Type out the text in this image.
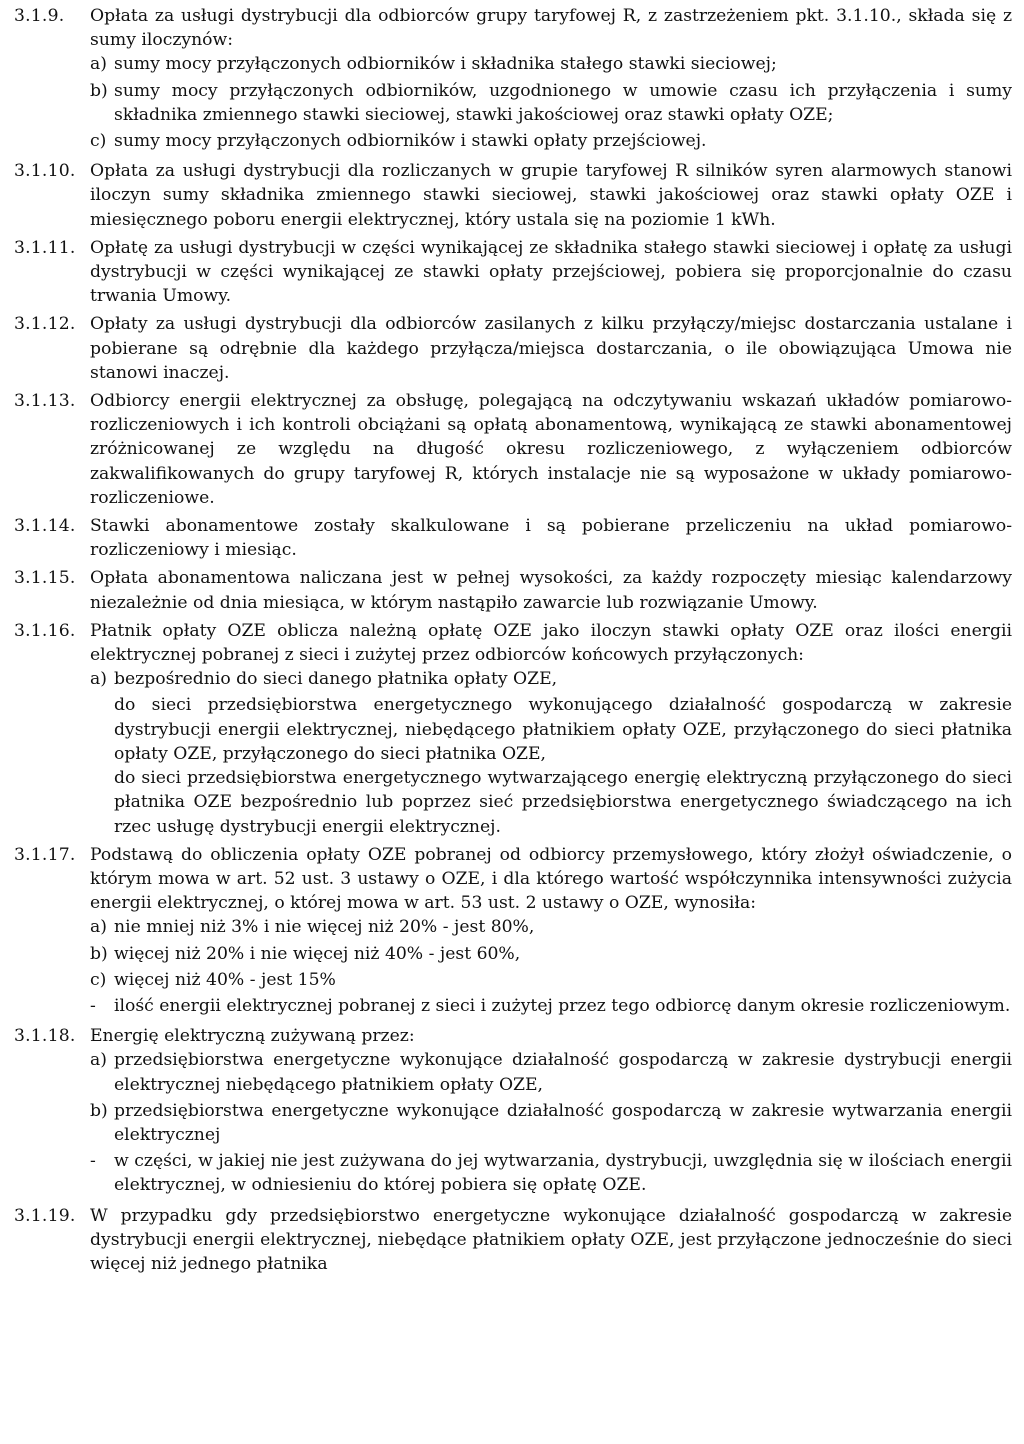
3.1.9.	Opłata za usługi dystrybucji dla odbiorców grupy taryfowej R, z zastrzeżeniem pkt. 3.1.10., składa się z sumy iloczynów:

a) sumy mocy przyłączonych odbiorników i składnika stałego stawki sieciowej;
b) sumy mocy przyłączonych odbiorników, uzgodnionego w umowie czasu ich przyłączenia i sumy składnika zmiennego stawki sieciowej, stawki jakościowej oraz stawki opłaty OZE;
c) sumy mocy przyłączonych odbiorników i stawki opłaty przejściowej.
3.1.10. Opłata za usługi dystrybucji dla rozliczanych w grupie taryfowej R silników syren alarmowych stanowi iloczyn sumy składnika zmiennego stawki sieciowej, stawki jakościowej oraz stawki opłaty OZE i miesięcznego poboru energii elektrycznej, który ustala się na poziomie 1 kWh.

3.1.11. Opłatę za usługi dystrybucji w części wynikającej ze składnika stałego stawki sieciowej i opłatę za usługi dystrybucji w części wynikającej ze stawki opłaty przejściowej, pobiera się proporcjonalnie do czasu trwania Umowy.

3.1.12. Opłaty za usługi dystrybucji dla odbiorców zasilanych z kilku przyłączy/miejsc dostarczania ustalane i pobierane są odrębnie dla każdego przyłącza/miejsca dostarczania, o ile obowiązująca Umowa nie stanowi inaczej.

3.1.13. Odbiorcy energii elektrycznej za obsługę, polegającą na odczytywaniu wskazań układów pomiarowo-rozliczeniowych i ich kontroli obciążani są opłatą abonamentową, wynikającą ze stawki abonamentowej zróżnicowanej ze względu na długość okresu rozliczeniowego, z wyłączeniem odbiorców zakwalifikowanych do grupy taryfowej R, których instalacje nie są wyposażone w układy pomiarowo-rozliczeniowe.

3.1.14. Stawki abonamentowe zostały skalkulowane i są pobierane przeliczeniu na układ pomiarowo-rozliczeniowy i miesiąc.

3.1.15. Opłata abonamentowa naliczana jest w pełnej wysokości, za każdy rozpoczęty miesiąc kalendarzowy niezależnie od dnia miesiąca, w którym nastąpiło zawarcie lub rozwiązanie Umowy.

3.1.16. Płatnik opłaty OZE oblicza należną opłatę OZE jako iloczyn stawki opłaty OZE oraz ilości energii elektrycznej pobranej z sieci i zużytej przez odbiorców końcowych przyłączonych:

a) bezpośrednio do sieci danego płatnika opłaty OZE,

do sieci przedsiębiorstwa energetycznego wykonującego działalność gospodarczą w zakresie dystrybucji energii elektrycznej, niebędącego płatnikiem opłaty OZE, przyłączonego do sieci płatnika opłaty OZE, przyłączonego do sieci płatnika OZE,

do sieci przedsiębiorstwa energetycznego wytwarzającego energię elektryczną przyłączonego do sieci płatnika OZE bezpośrednio lub poprzez sieć przedsiębiorstwa energetycznego świadczącego na ich rzec usługę dystrybucji energii elektrycznej.

3.1.17. Podstawą do obliczenia opłaty OZE pobranej od odbiorcy przemysłowego, który złożył oświadczenie, o którym mowa w art. 52 ust. 3 ustawy o OZE, i dla którego wartość współczynnika intensywności zużycia energii elektrycznej, o której mowa w art. 53 ust. 2 ustawy o OZE, wynosiła:

a) nie mniej niż 3% i nie więcej niż 20% - jest 80%,
b) więcej niż 20% i nie więcej niż 40% - jest 60%,
c) więcej niż 40% - jest 15%
-	ilość energii elektrycznej pobranej z sieci i zużytej przez tego odbiorcę danym okresie rozliczeniowym.
3.1.18. Energię elektryczną zużywaną przez:

a) przedsiębiorstwa energetyczne wykonujące działalność gospodarczą w zakresie dystrybucji energii elektrycznej niebędącego płatnikiem opłaty OZE,
b) przedsiębiorstwa energetyczne wykonujące działalność gospodarczą w zakresie wytwarzania energii elektrycznej
-	w części, w jakiej nie jest zużywana do jej wytwarzania, dystrybucji, uwzględnia się w ilościach energii elektrycznej, w odniesieniu do której pobiera się opłatę OZE.
3.1.19. W przypadku gdy przedsiębiorstwo energetyczne wykonujące działalność gospodarczą w zakresie dystrybucji energii elektrycznej, niebędące płatnikiem opłaty OZE, jest przyłączone jednocześnie do sieci więcej niż jednego płatnika
